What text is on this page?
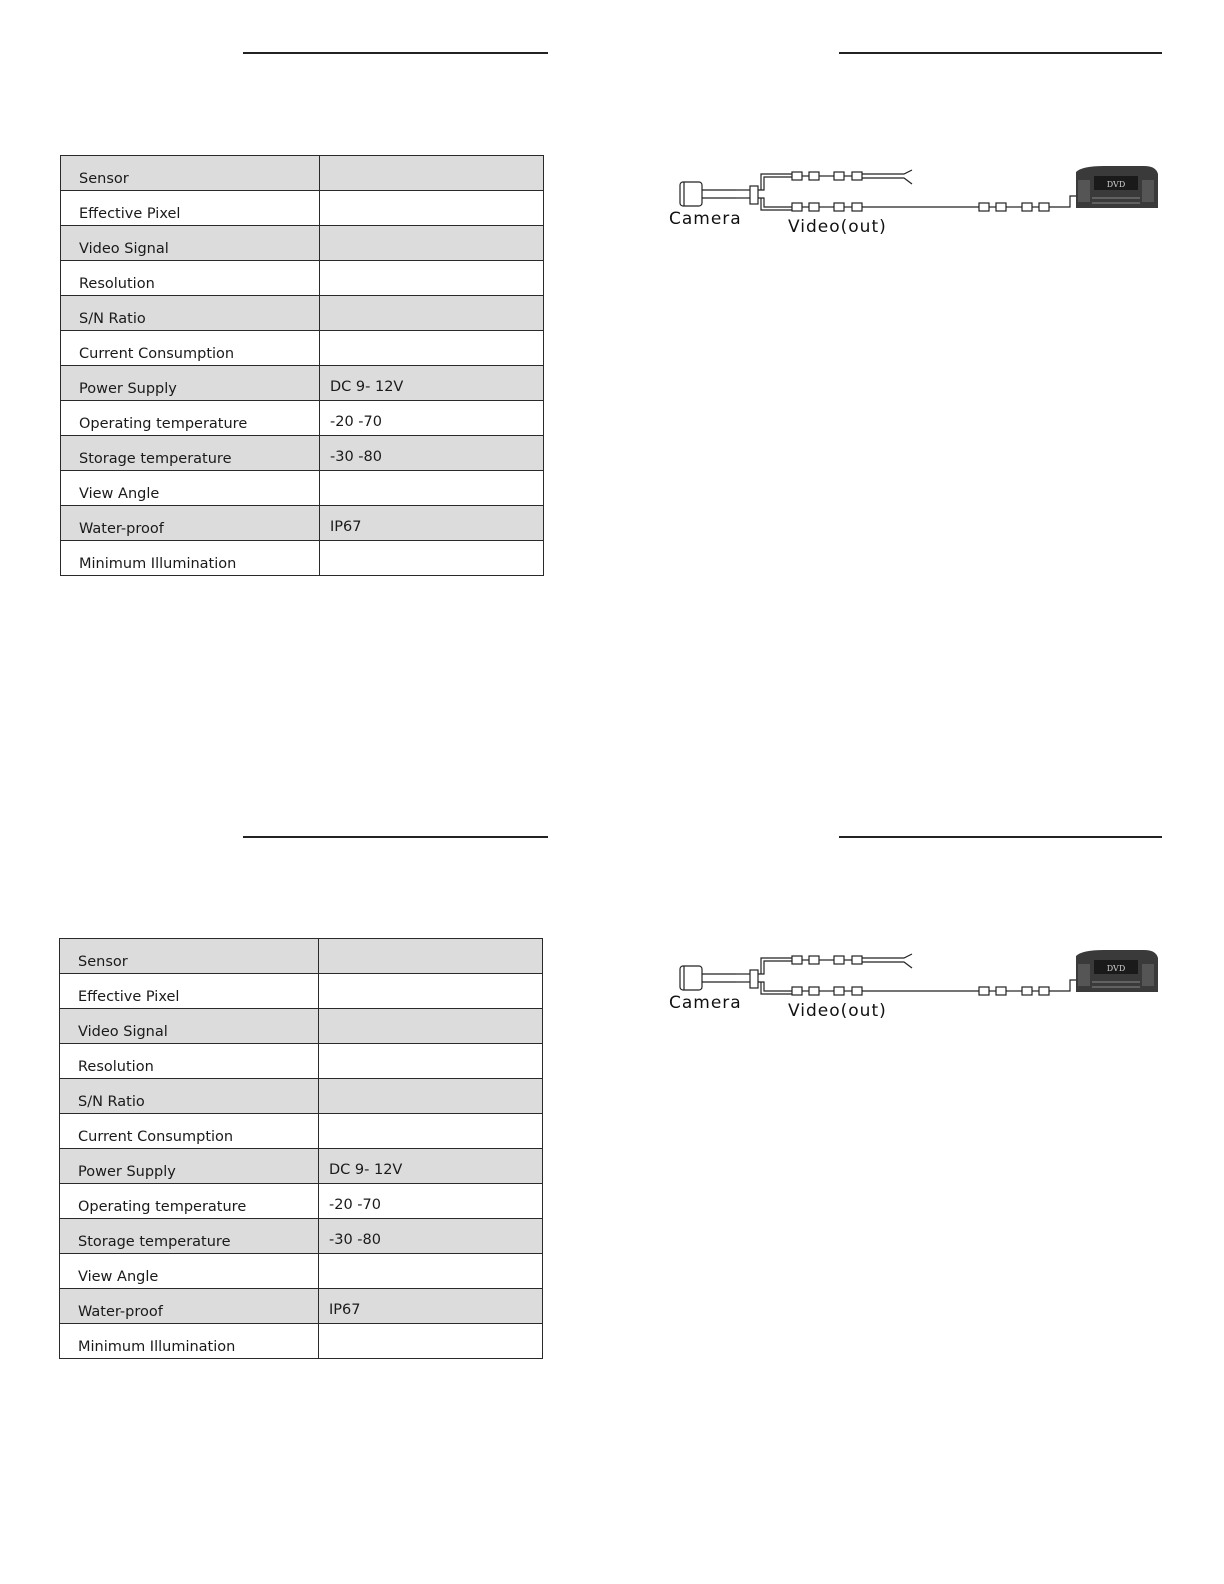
Sensor	
Effective Pixel	
Video Signal	
Resolution	
S/N Ratio	
Current Consumption	
Power Supply	DC 9- 12V
Operating temperature	-20 -70
Storage temperature	-30 -80
View Angle	
Water-proof	IP67
Minimum Illumination	
DVD
Camera	Video(out)
Sensor	
Effective Pixel	
Video Signal	
Resolution	
S/N Ratio	
Current Consumption	
Power Supply	DC 9- 12V
Operating temperature	-20 -70
Storage temperature	-30 -80
View Angle	
Water-proof	IP67
Minimum Illumination	
DVD
Camera	Video(out)
